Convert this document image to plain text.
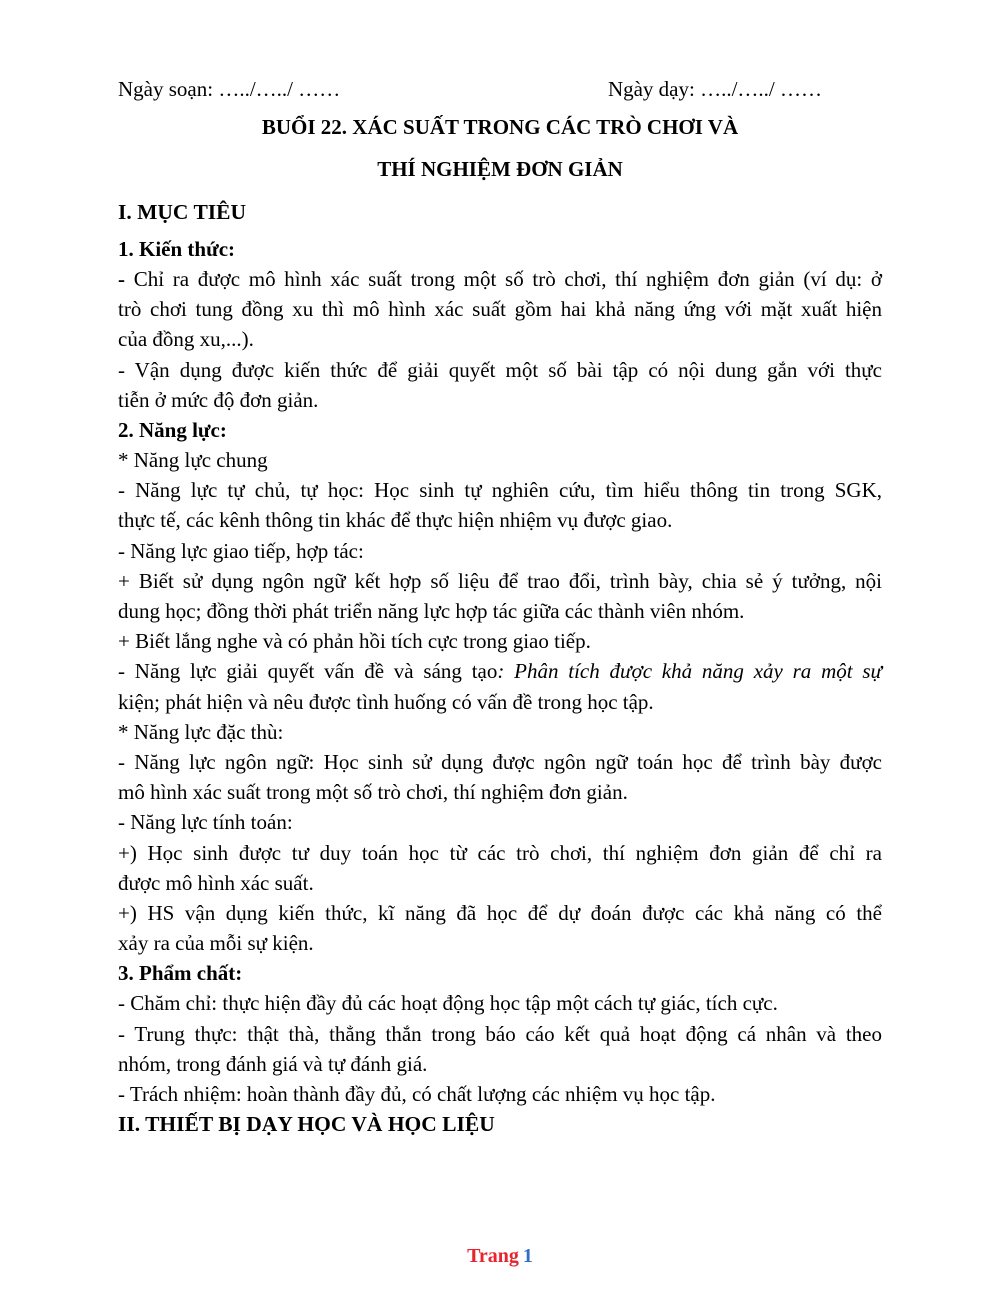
Ngày soạn: …../…../ ……	Ngày dạy: …../…../ ……
BUỔI 22. XÁC SUẤT TRONG CÁC TRÒ CHƠI VÀ
THÍ NGHIỆM ĐƠN GIẢN
I. MỤC TIÊU
1. Kiến thức:
- Chỉ ra được mô hình xác suất trong một số trò chơi, thí nghiệm đơn giản (ví dụ: ở
trò chơi tung đồng xu thì mô hình xác suất gồm hai khả năng ứng với mặt xuất hiện
của đồng xu,...).
- Vận dụng được kiến thức để giải quyết một số bài tập có nội dung gắn với thực
tiễn ở mức độ đơn giản.
2. Năng lực:
* Năng lực chung
- Năng lực tự chủ, tự học: Học sinh tự nghiên cứu, tìm hiểu thông tin trong SGK,
thực tế, các kênh thông tin khác để thực hiện nhiệm vụ được giao.
- Năng lực giao tiếp, hợp tác:
+ Biết sử dụng ngôn ngữ kết hợp số liệu để trao đổi, trình bày, chia sẻ ý tưởng, nội
dung học; đồng thời phát triển năng lực hợp tác giữa các thành viên nhóm.
+ Biết lắng nghe và có phản hồi tích cực trong giao tiếp.
- Năng lực giải quyết vấn đề và sáng tạo: Phân tích được khả năng xảy ra một sự
kiện; phát hiện và nêu được tình huống có vấn đề trong học tập.
* Năng lực đặc thù:
- Năng lực ngôn ngữ: Học sinh sử dụng được ngôn ngữ toán học để trình bày được
mô hình xác suất trong một số trò chơi, thí nghiệm đơn giản.
- Năng lực tính toán:
+) Học sinh được tư duy toán học từ các trò chơi, thí nghiệm đơn giản để chỉ ra
được mô hình xác suất.
+) HS vận dụng kiến thức, kĩ năng đã học để dự đoán được các khả năng có thể
xảy ra của mỗi sự kiện.
3. Phẩm chất:
- Chăm chỉ: thực hiện đầy đủ các hoạt động học tập một cách tự giác, tích cực.
- Trung thực: thật thà, thẳng thắn trong báo cáo kết quả hoạt động cá nhân và theo
nhóm, trong đánh giá và tự đánh giá.
- Trách nhiệm: hoàn thành đầy đủ, có chất lượng các nhiệm vụ học tập.
II. THIẾT BỊ DẠY HỌC VÀ HỌC LIỆU
Trang 1
